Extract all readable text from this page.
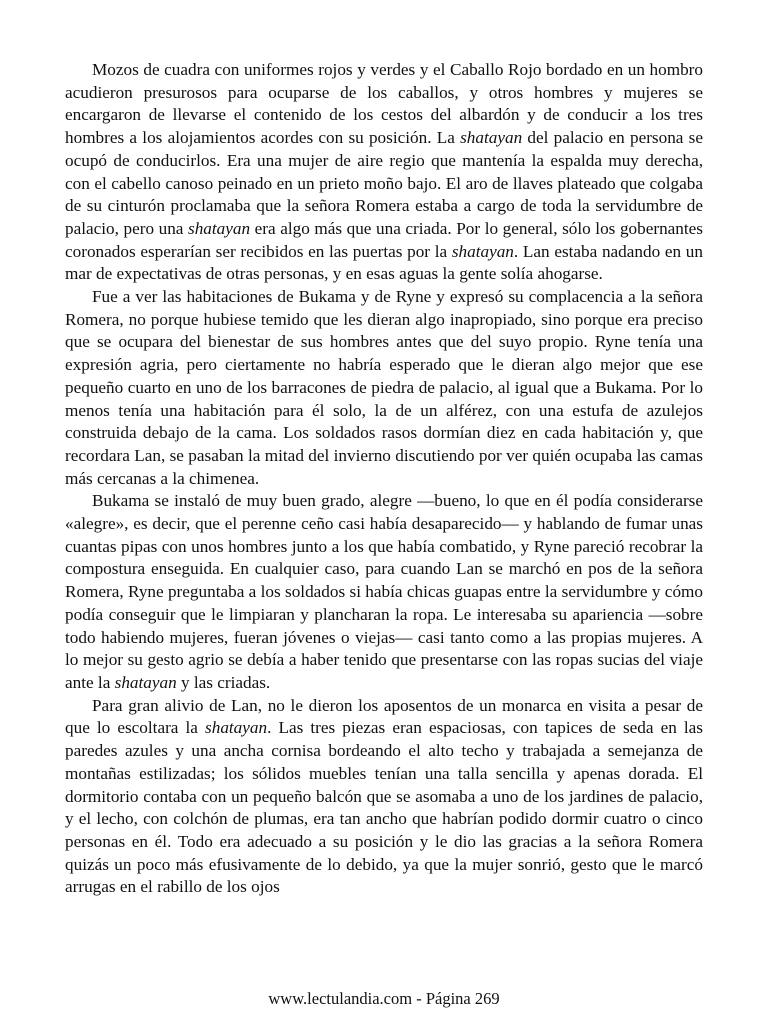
Mozos de cuadra con uniformes rojos y verdes y el Caballo Rojo bordado en un hombro acudieron presurosos para ocuparse de los caballos, y otros hombres y mujeres se encargaron de llevarse el contenido de los cestos del albardón y de conducir a los tres hombres a los alojamientos acordes con su posición. La shatayan del palacio en persona se ocupó de conducirlos. Era una mujer de aire regio que mantenía la espalda muy derecha, con el cabello canoso peinado en un prieto moño bajo. El aro de llaves plateado que colgaba de su cinturón proclamaba que la señora Romera estaba a cargo de toda la servidumbre de palacio, pero una shatayan era algo más que una criada. Por lo general, sólo los gobernantes coronados esperarían ser recibidos en las puertas por la shatayan. Lan estaba nadando en un mar de expectativas de otras personas, y en esas aguas la gente solía ahogarse.

Fue a ver las habitaciones de Bukama y de Ryne y expresó su complacencia a la señora Romera, no porque hubiese temido que les dieran algo inapropiado, sino porque era preciso que se ocupara del bienestar de sus hombres antes que del suyo propio. Ryne tenía una expresión agria, pero ciertamente no habría esperado que le dieran algo mejor que ese pequeño cuarto en uno de los barracones de piedra de palacio, al igual que a Bukama. Por lo menos tenía una habitación para él solo, la de un alférez, con una estufa de azulejos construida debajo de la cama. Los soldados rasos dormían diez en cada habitación y, que recordara Lan, se pasaban la mitad del invierno discutiendo por ver quién ocupaba las camas más cercanas a la chimenea.

Bukama se instaló de muy buen grado, alegre —bueno, lo que en él podía considerarse «alegre», es decir, que el perenne ceño casi había desaparecido— y hablando de fumar unas cuantas pipas con unos hombres junto a los que había combatido, y Ryne pareció recobrar la compostura enseguida. En cualquier caso, para cuando Lan se marchó en pos de la señora Romera, Ryne preguntaba a los soldados si había chicas guapas entre la servidumbre y cómo podía conseguir que le limpiaran y plancharan la ropa. Le interesaba su apariencia —sobre todo habiendo mujeres, fueran jóvenes o viejas— casi tanto como a las propias mujeres. A lo mejor su gesto agrio se debía a haber tenido que presentarse con las ropas sucias del viaje ante la shatayan y las criadas.

Para gran alivio de Lan, no le dieron los aposentos de un monarca en visita a pesar de que lo escoltara la shatayan. Las tres piezas eran espaciosas, con tapices de seda en las paredes azules y una ancha cornisa bordeando el alto techo y trabajada a semejanza de montañas estilizadas; los sólidos muebles tenían una talla sencilla y apenas dorada. El dormitorio contaba con un pequeño balcón que se asomaba a uno de los jardines de palacio, y el lecho, con colchón de plumas, era tan ancho que habrían podido dormir cuatro o cinco personas en él. Todo era adecuado a su posición y le dio las gracias a la señora Romera quizás un poco más efusivamente de lo debido, ya que la mujer sonrió, gesto que le marcó arrugas en el rabillo de los ojos

www.lectulandia.com - Página 269
